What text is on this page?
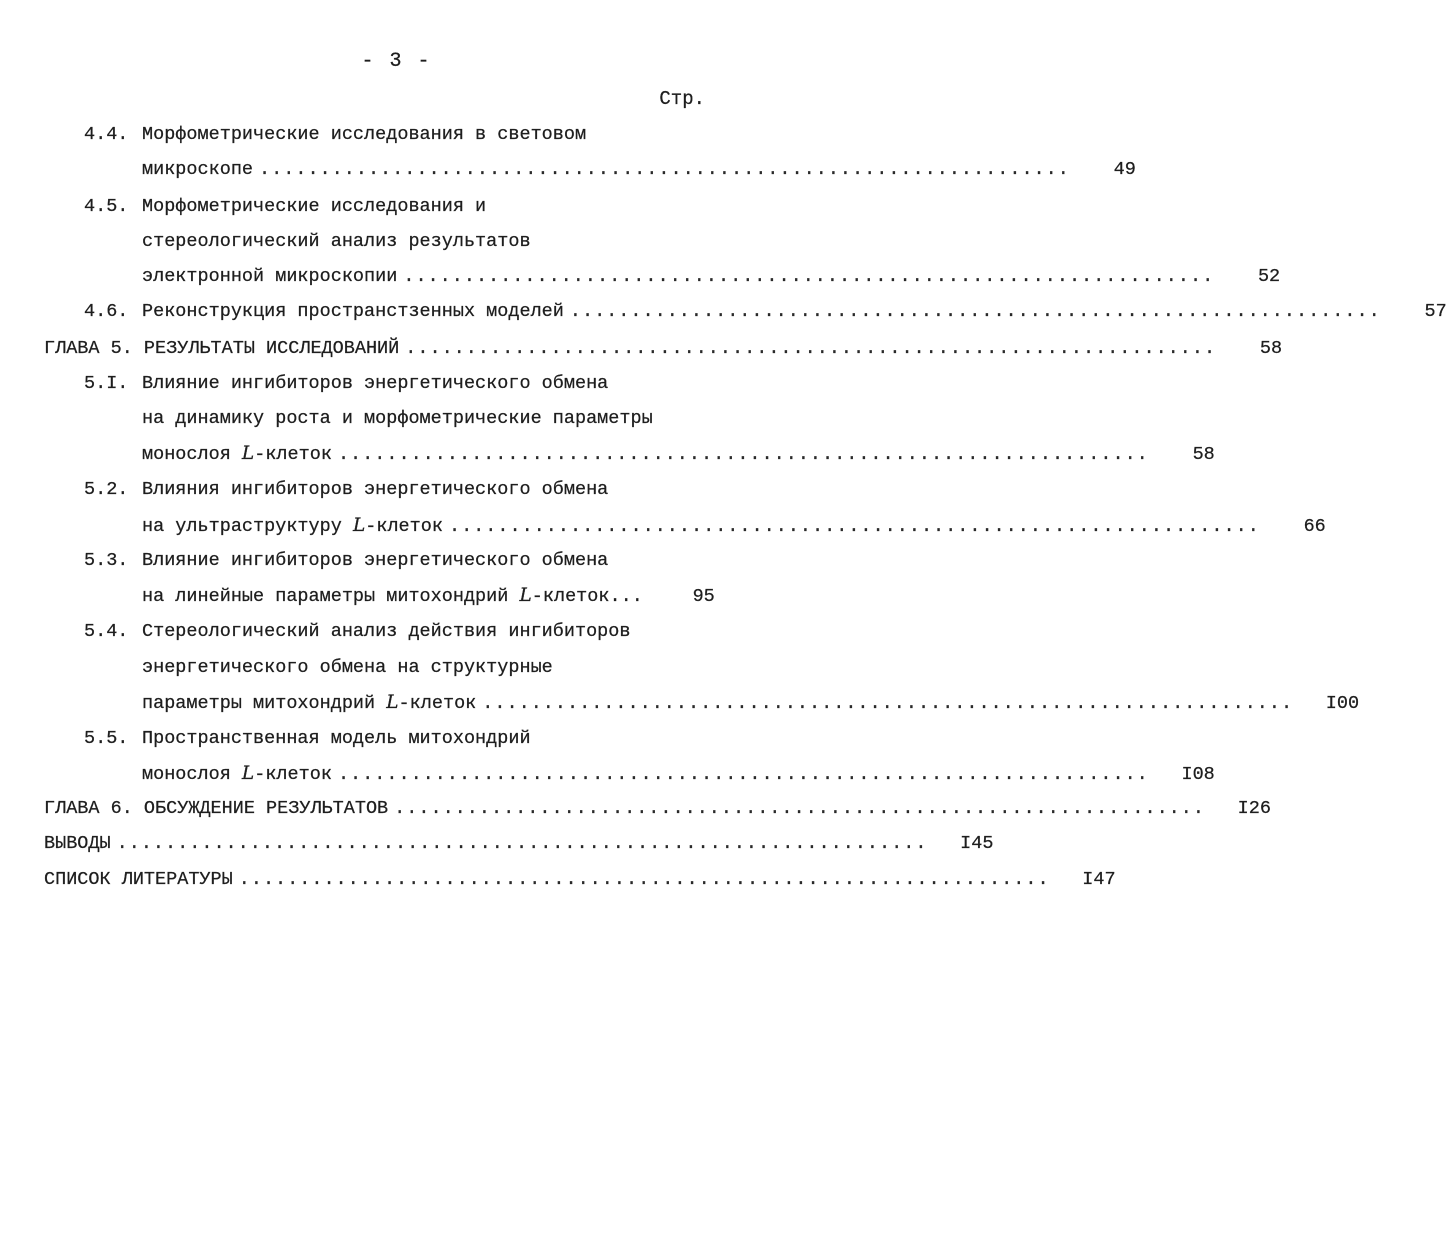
- 3 -
Стр.
4.4. Морфометрические исследования в световом
микроскопе ...................................................................	49
4.5. Морфометрические исследования и
стереологический анализ результатов
электронной микроскопии ...................................................................	52
4.6. Реконструкция пространстзенных моделей ...................................................................	57
ГЛАВА 5. РЕЗУЛЬТАТЫ ИССЛЕДОВАНИЙ ...................................................................	58
5.I. Влияние ингибиторов энергетического обмена
на динамику роста и морфометрические параметры
монослоя L-клеток ...................................................................	58
5.2. Влияния ингибиторов энергетического обмена
на ультраструктуру L-клеток ...................................................................	66
5.3. Влияние ингибиторов энергетического обмена
на линейные параметры митохондрий L-клеток...	95
5.4. Стереологический анализ действия ингибиторов
энергетического обмена на структурные
параметры митохондрий L-клеток ...................................................................	I00
5.5. Пространственная модель митохондрий
монослоя L-клеток ...................................................................	I08
ГЛАВА 6. ОБСУЖДЕНИЕ РЕЗУЛЬТАТОВ ...................................................................	I26
ВЫВОДЫ ...................................................................	I45
СПИСОК ЛИТЕРАТУРЫ ...................................................................	I47
